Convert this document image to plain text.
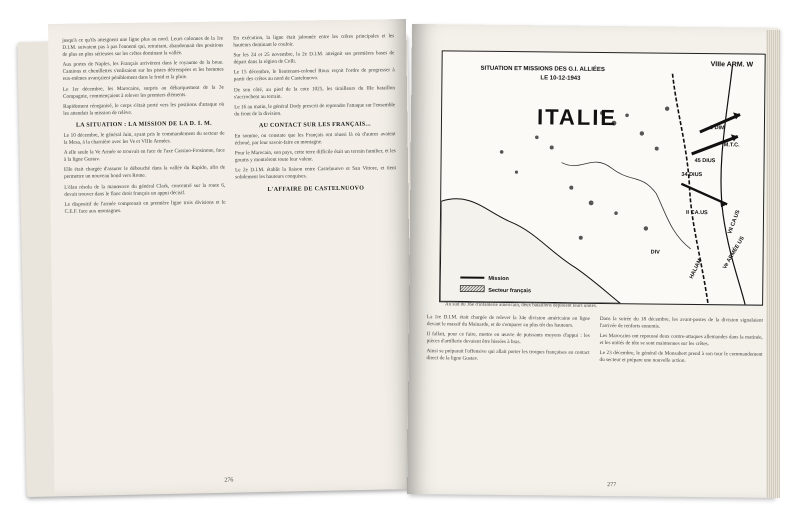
jusqu'à ce qu'ils atteignent une ligne plus au nord. Leurs colonnes de la 1re D.I.M. suivaient pas à pas l'ennemi qui, retraitant, abandonnait des positions de plus en plus sérieuses sur les crêtes dominant la vallée.

Aux portes de Naples, les Français arrivèrent dans le royaume de la boue. Camions et chenillettes s'enlisaient sur les pistes détrempées et les hommes eux-mêmes avançaient péniblement dans le froid et la pluie.

Le 1er décembre, les Marocains, surpris au débarquement de la 3e Compagnie, commençaient à relever les premiers éléments.

Rapidement réorganisé, le corps s'était porté vers les positions d'attaque où les attendait la mission de relève.

LA SITUATION : LA MISSION DE LA D. I. M.

Le 10 décembre, le général Juin, ayant pris le commandement du secteur de la Mesa, à la charnière avec les Ve et VIIIe Armées.

A elle seule la Ve Armée se trouvait en face de l'axe Cassino-Frosinone, face à la ligne Gustav.

Elle était chargée d'assurer le débouché dans la vallée du Rapido, afin de permettre un nouveau bond vers Rome.

L'élan résolu de la manœuvre du général Clark, concentré sur la route 6, devait trouver dans le flanc droit français un appui décisif.

Le dispositif de l'armée comprenait en première ligne trois divisions et le C.E.F. face aux montagnes.

En exécution, la ligne était jalonnée entre les crêtes principales et les hauteurs dominant le couloir.

Sur les 24 et 25 novembre, la 2e D.I.M. atteignit ses premières bases de départ dans la région de Colli.

Le 15 décembre, le lieutenant-colonel Roux reçoit l'ordre de progresser à partir des crêtes au nord de Castelnuovo.

De son côté, au pied de la cote 1025, les tirailleurs du IIIe bataillon s'accrochent au terrain.

Le 16 au matin, le général Dody prescrit de reprendre l'attaque sur l'ensemble du front de la division.

AU CONTACT SUR LES FRANÇAIS...

En somme, on constate que les Français ont réussi là où d'autres avaient échoué, par leur savoir-faire en montagne.

Pour le Marocain, son pays, cette terre difficile était un terrain familier, et les goums y montrèrent toute leur valeur.

Le 2e D.I.M. établit la liaison entre Castelnuovo et San Vittore, et tient solidement les hauteurs conquises.

L'AFFAIRE DE CASTELNUOVO
276
SITUATION ET MISSIONS DES G.I. ALLIÉES
LE 10-12-1943
ITALIE
VIIIe ARM. W
2 DIM
M.T.C.
45 DIUS
34 DIUS
II CA.US
Ve ARMÉE US
VII CA US
HALIAM
DIV
Mission
Secteur français
Au sud du 36e d'infanterie américain, deux bataillons déploient leurs unités.

La 1re D.I.M. était chargée de relever la 34e division américaine en ligne devant le massif du Mainarde, et de s'emparer au plus tôt des hauteurs.

Il fallait, pour ce faire, mettre en œuvre de puissants moyens d'appui : les pièces d'artillerie devaient être hissées à bras.

Ainsi se préparait l'offensive qui allait porter les troupes françaises au contact direct de la ligne Gustav.

Dans la soirée du 18 décembre, les avant-postes de la division signalaient l'arrivée de renforts ennemis.

Les Marocains ont repoussé deux contre-attaques allemandes dans la matinée, et les unités de tête se sont maintenues sur les crêtes.

Le 23 décembre, le général de Monsabert prend à son tour le commandement du secteur et prépare une nouvelle action.

277
